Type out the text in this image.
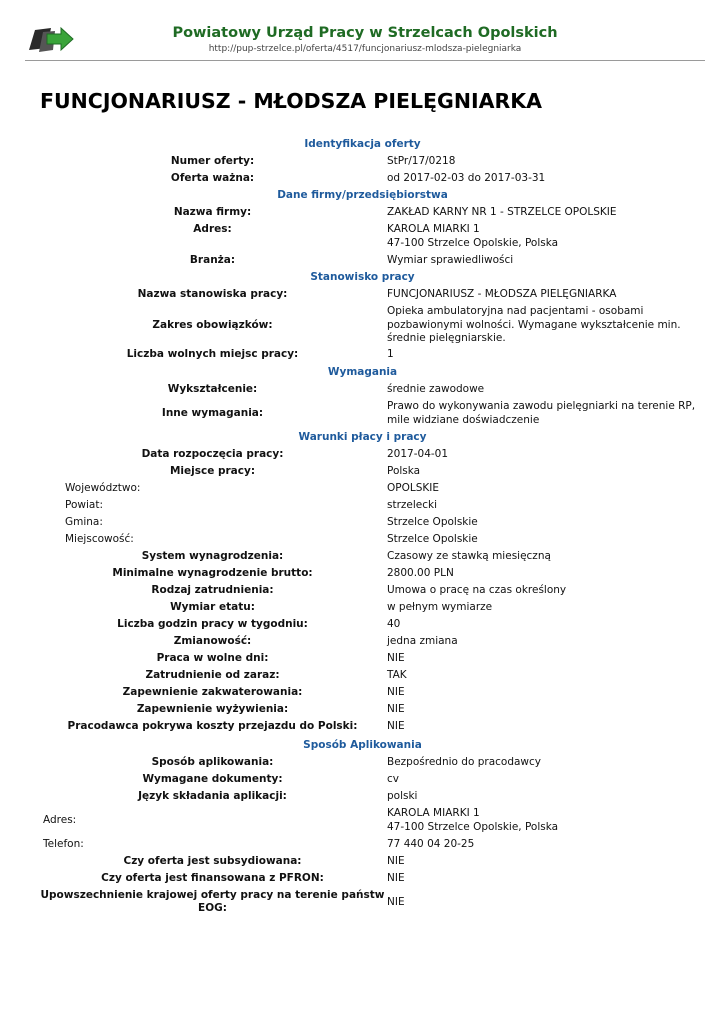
Powiatowy Urząd Pracy w Strzelcach Opolskich
http://pup-strzelce.pl/oferta/4517/funcjonariusz-mlodsza-pielegniarka
FUNCJONARIUSZ - MŁODSZA PIELĘGNIARKA
Identyfikacja oferty
Numer oferty:	StPr/17/0218
Oferta ważna:	od 2017-02-03 do 2017-03-31
Dane firmy/przedsiębiorstwa
Nazwa firmy:	ZAKŁAD KARNY NR 1 - STRZELCE OPOLSKIE
Adres:	KAROLA MIARKI 1
47-100 Strzelce Opolskie, Polska
Branża:	Wymiar sprawiedliwości
Stanowisko pracy
Nazwa stanowiska pracy:	FUNCJONARIUSZ - MŁODSZA PIELĘGNIARKA
Zakres obowiązków:
Opieka ambulatoryjna nad pacjentami - osobami
pozbawionymi wolności. Wymagane wykształcenie min.
średnie pielęgniarskie.
Liczba wolnych miejsc pracy:	1
Wymagania
Wykształcenie:	średnie zawodowe
Inne wymagania:
Prawo do wykonywania zawodu pielęgniarki na terenie RP,
mile widziane doświadczenie
Warunki płacy i pracy
Data rozpoczęcia pracy:	2017-04-01
Miejsce pracy:	Polska
Województwo:	OPOLSKIE
Powiat:	strzelecki
Gmina:	Strzelce Opolskie
Miejscowość:	Strzelce Opolskie
System wynagrodzenia:	Czasowy ze stawką miesięczną
Minimalne wynagrodzenie brutto:	2800.00 PLN
Rodzaj zatrudnienia:	Umowa o pracę na czas określony
Wymiar etatu:	w pełnym wymiarze
Liczba godzin pracy w tygodniu:	40
Zmianowość:	jedna zmiana
Praca w wolne dni:	NIE
Zatrudnienie od zaraz:	TAK
Zapewnienie zakwaterowania:	NIE
Zapewnienie wyżywienia:	NIE
Pracodawca pokrywa koszty przejazdu do Polski:	NIE
Sposób Aplikowania
Sposób aplikowania:	Bezpośrednio do pracodawcy
Wymagane dokumenty:	cv
Język składania aplikacji:	polski
Adres:
KAROLA MIARKI 1
47-100 Strzelce Opolskie, Polska
Telefon:	77 440 04 20-25
Czy oferta jest subsydiowana:	NIE
Czy oferta jest finansowana z PFRON:	NIE
Upowszechnienie krajowej oferty pracy na terenie państw
EOG:	NIE
